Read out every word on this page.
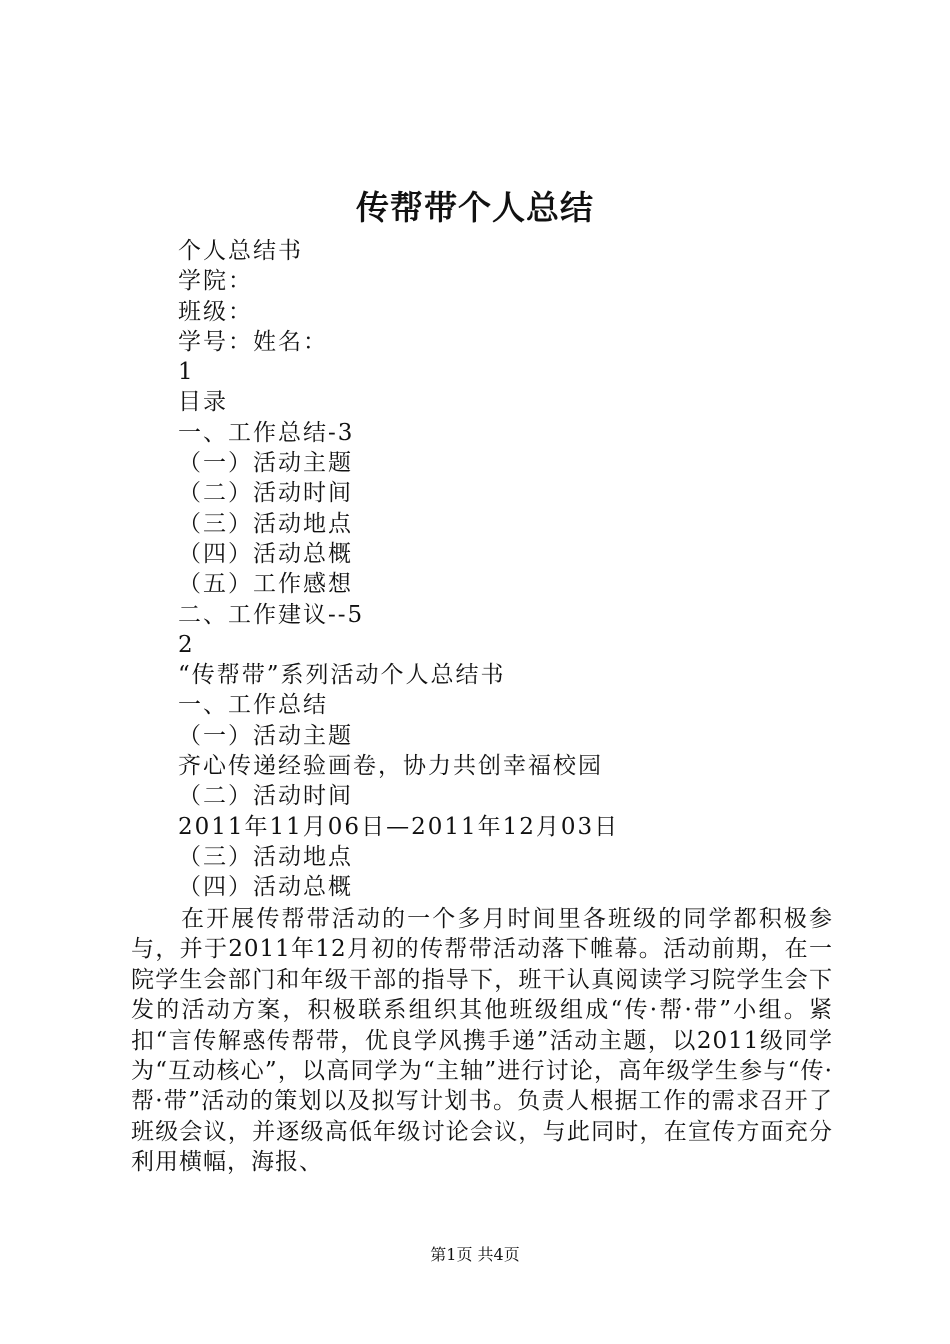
传帮带个人总结
个人总结书
学院：
班级：
学号：姓名：
1
目录
一、工作总结-3
（一）活动主题
（二）活动时间
（三）活动地点
（四）活动总概
（五）工作感想
二、工作建议--5
2
“传帮带”系列活动个人总结书
一、工作总结
（一）活动主题
齐心传递经验画卷，协力共创幸福校园
（二）活动时间
2011年11月06日—2011年12月03日
（三）活动地点
（四）活动总概

在开展传帮带活动的一个多月时间里各班级的同学都积极参与，并于2011年12月初的传帮带活动落下帷幕。活动前期，在一院学生会部门和年级干部的指导下，班干认真阅读学习院学生会下发的活动方案，积极联系组织其他班级组成“传·帮·带”小组。紧扣“言传解惑传帮带，优良学风携手递”活动主题，以2011级同学为“互动核心”，以高同学为“主轴”进行讨论，高年级学生参与“传·帮·带”活动的策划以及拟写计划书。负责人根据工作的需求召开了班级会议，并逐级高低年级讨论会议，与此同时，在宣传方面充分利用横幅，海报、

第1页 共4页
